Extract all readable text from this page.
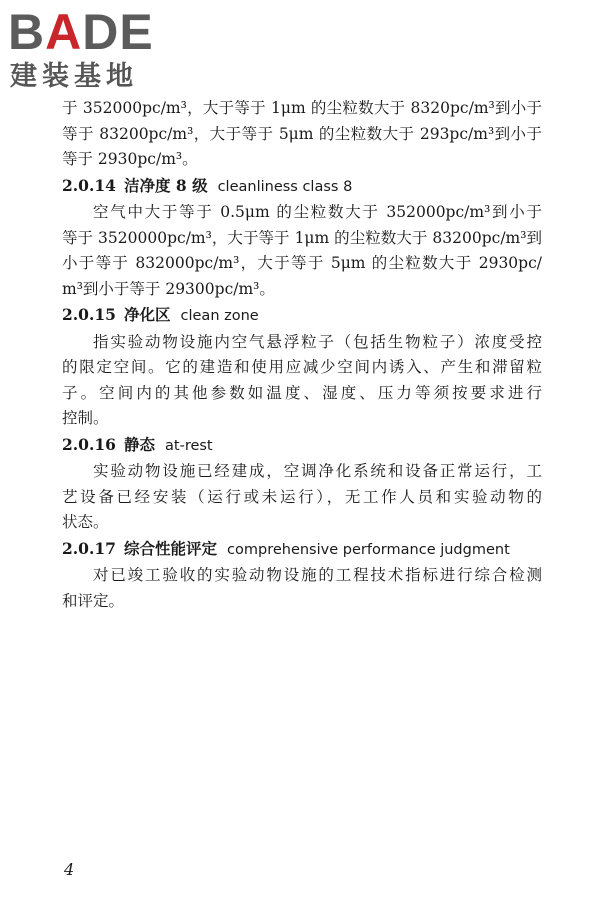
BADE
建装基地

于 352000pc/m³，大于等于 1μm 的尘粒数大于 8320pc/m³到小于

等于 83200pc/m³，大于等于 5μm 的尘粒数大于 293pc/m³到小于

等于 2930pc/m³。

2.0.14 洁净度 8 级 cleanliness class 8

空气中大于等于 0.5μm 的尘粒数大于 352000pc/m³到小于

等于 3520000pc/m³，大于等于 1μm 的尘粒数大于 83200pc/m³到

小于等于 832000pc/m³，大于等于 5μm 的尘粒数大于 2930pc/

m³到小于等于 29300pc/m³。

2.0.15 净化区 clean zone

指实验动物设施内空气悬浮粒子（包括生物粒子）浓度受控

的限定空间。它的建造和使用应减少空间内诱入、产生和滞留粒

子。空间内的其他参数如温度、湿度、压力等须按要求进行

控制。

2.0.16 静态 at-rest

实验动物设施已经建成，空调净化系统和设备正常运行，工

艺设备已经安装（运行或未运行），无工作人员和实验动物的

状态。

2.0.17 综合性能评定 comprehensive performance judgment

对已竣工验收的实验动物设施的工程技术指标进行综合检测

和评定。

4
